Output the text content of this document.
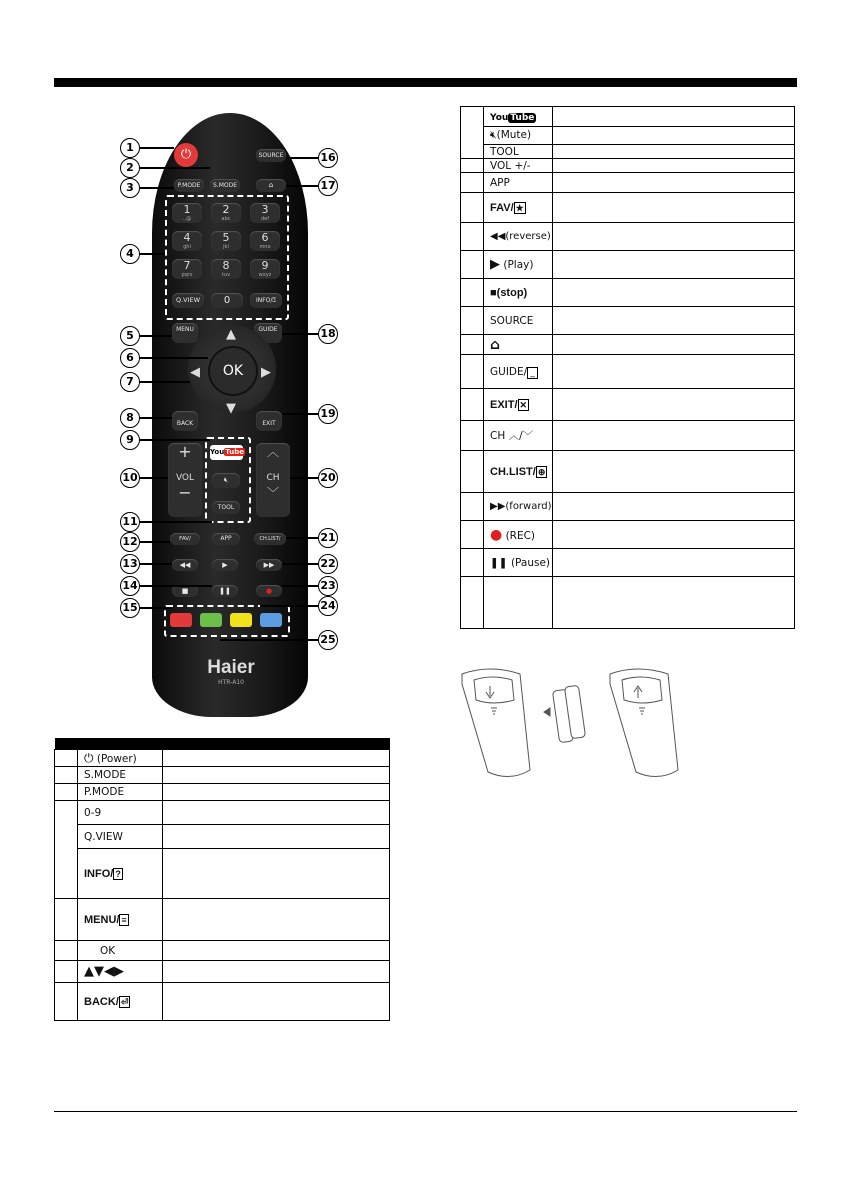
⏻	SOURCE
P.MODE	S.MODE	⌂
Q.VIEW	0	INFO/⍰
MENU	GUIDE
▲
▼
◀	▶
OK
BACK	EXIT
+
VOL
−
YouTube
🔇︎
TOOL
︿
CH
﹀
APP
FAV/	CH.LIST/
◀◀	▶	▶▶
■	❚❚	●
Haier
HTR-A10
1
.,@
2
abc
3
def
4
ghi
5
jkl
6
mno
7
pqrs
8
tuv
9
wxyz
1
2
3
4
5
6
7
8
9
10
11
12
13
14
15
16
17
18
19
20
21
22
23
24
25

	⏻ (Power)	
	S.MODE	
	P.MODE	
	0-9	
	Q.VIEW	
	INFO/ ?	
	MENU/ ≡	
	OK	
	▲▼◀▶	
	BACK/ ⏎	
	You Tube	
	🔇︎(Mute)	
	TOOL	
	VOL +/-	
	APP	
	FAV/ ★	
	◀◀(reverse)	
	▶ (Play)	
	■(stop)	
	SOURCE	
	⌂	
	GUIDE/ _	
	EXIT/ ✕	
	CH ︿/﹀	
	CH.LIST/ ⊕	
	▶▶(forward)	
	● (REC)	
	❚❚ (Pause)	
